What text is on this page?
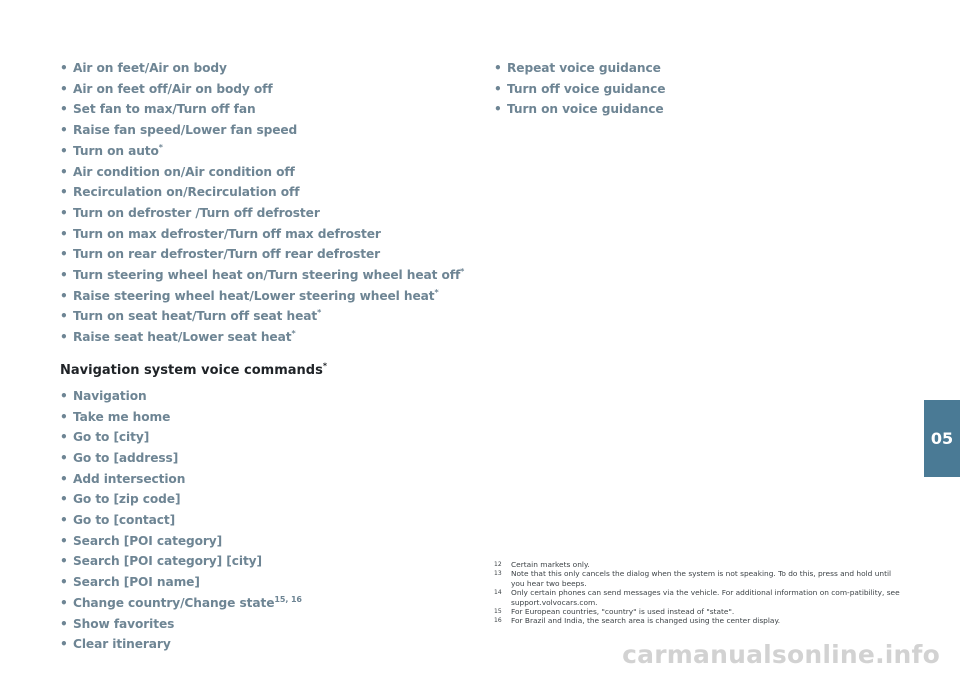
• Air on feet/Air on body
• Air on feet off/Air on body off
• Set fan to max/Turn off fan
• Raise fan speed/Lower fan speed
• Turn on auto*
• Air condition on/Air condition off
• Recirculation on/Recirculation off
• Turn on defroster /Turn off defroster
• Turn on max defroster/Turn off max defroster
• Turn on rear defroster/Turn off rear defroster
• Turn steering wheel heat on/Turn steering wheel heat off*
• Raise steering wheel heat/Lower steering wheel heat*
• Turn on seat heat/Turn off seat heat*
• Raise seat heat/Lower seat heat*
Navigation system voice commands*
• Navigation
• Take me home
• Go to [city]
• Go to [address]
• Add intersection
• Go to [zip code]
• Go to [contact]
• Search [POI category]
• Search [POI category] [city]
• Search [POI name]
• Change country/Change state$^{15, 16}$
• Show favorites
• Clear itinerary
• Repeat voice guidance
• Turn off voice guidance
• Turn on voice guidance
12	Certain markets only.
13	Note that this only cancels the dialog when the system is not speaking. To do this, press and hold until you hear two beeps.
14	Only certain phones can send messages via the vehicle. For additional information on com-patibility, see support.volvocars.com.
15	For European countries, "country" is used instead of "state".
16	For Brazil and India, the search area is changed using the center display.
05
carmanualsonline.info
